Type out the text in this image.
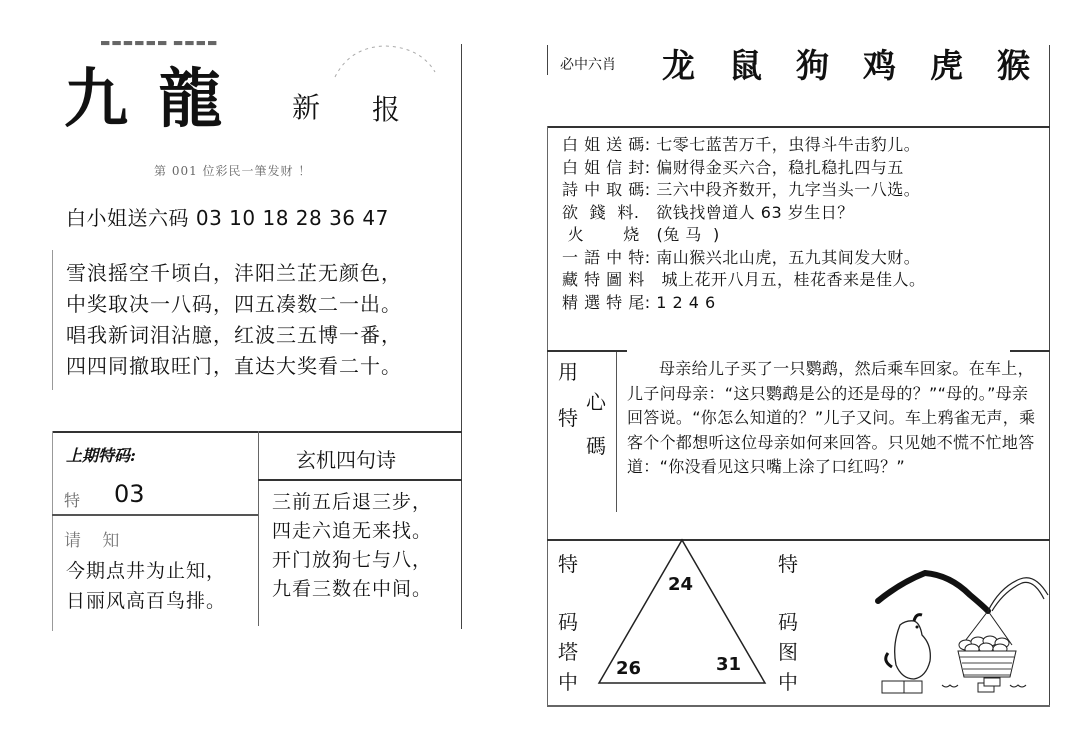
▬▬▬▬▬▬ ▬▬▬▬
九 龍 新 报
第 001 位彩民一筆发财 ！
白小姐送六码 03 10 18 28 36 47
雪浪摇空千顷白，沣阳兰芷无颜色，
中奖取决一八码，四五凑数二一出。
唱我新词泪沾臆，红波三五博一番，
四四同撤取旺门，直达大奖看二十。
上期特码:
特 03
请 知
今期点井为止知，
日丽风高百鸟排。
玄机四句诗
三前五后退三步，
四走六追无来找。
开门放狗七与八，
九看三数在中间。
必中六肖 龙 鼠 狗 鸡 虎 猴
白 姐 送 碼: 七零七蓝苦万千，虫得斗牛击豹儿。
白 姐 信 封: 偏财得金买六合，稳扎稳扎四与五
詩 中 取 碼: 三六中段齐数开，九字当头一八选。
欲  錢  料.   欲钱找曾道人 63 岁生日？
火       烧   (兔 马  )
一 語 中 特: 南山猴兴北山虎，五九其间发大财。
藏 特 圖 料   城上花开八月五，桂花香来是佳人。
精 選 特 尾: 1 2 4 6
用
心
特
碼
母亲给儿子买了一只鹦鹉，然后乘车回家。在车上，儿子问母亲：“这只鹦鹉是公的还是母的？”“母的。”母亲回答说。“你怎么知道的？”儿子又问。车上鸦雀无声，乘客个个都想听这位母亲如何来回答。只见她不慌不忙地答道：“你没看见这只嘴上涂了口红吗？”
特
码
塔
中
24
26	31
特
码
图
中
